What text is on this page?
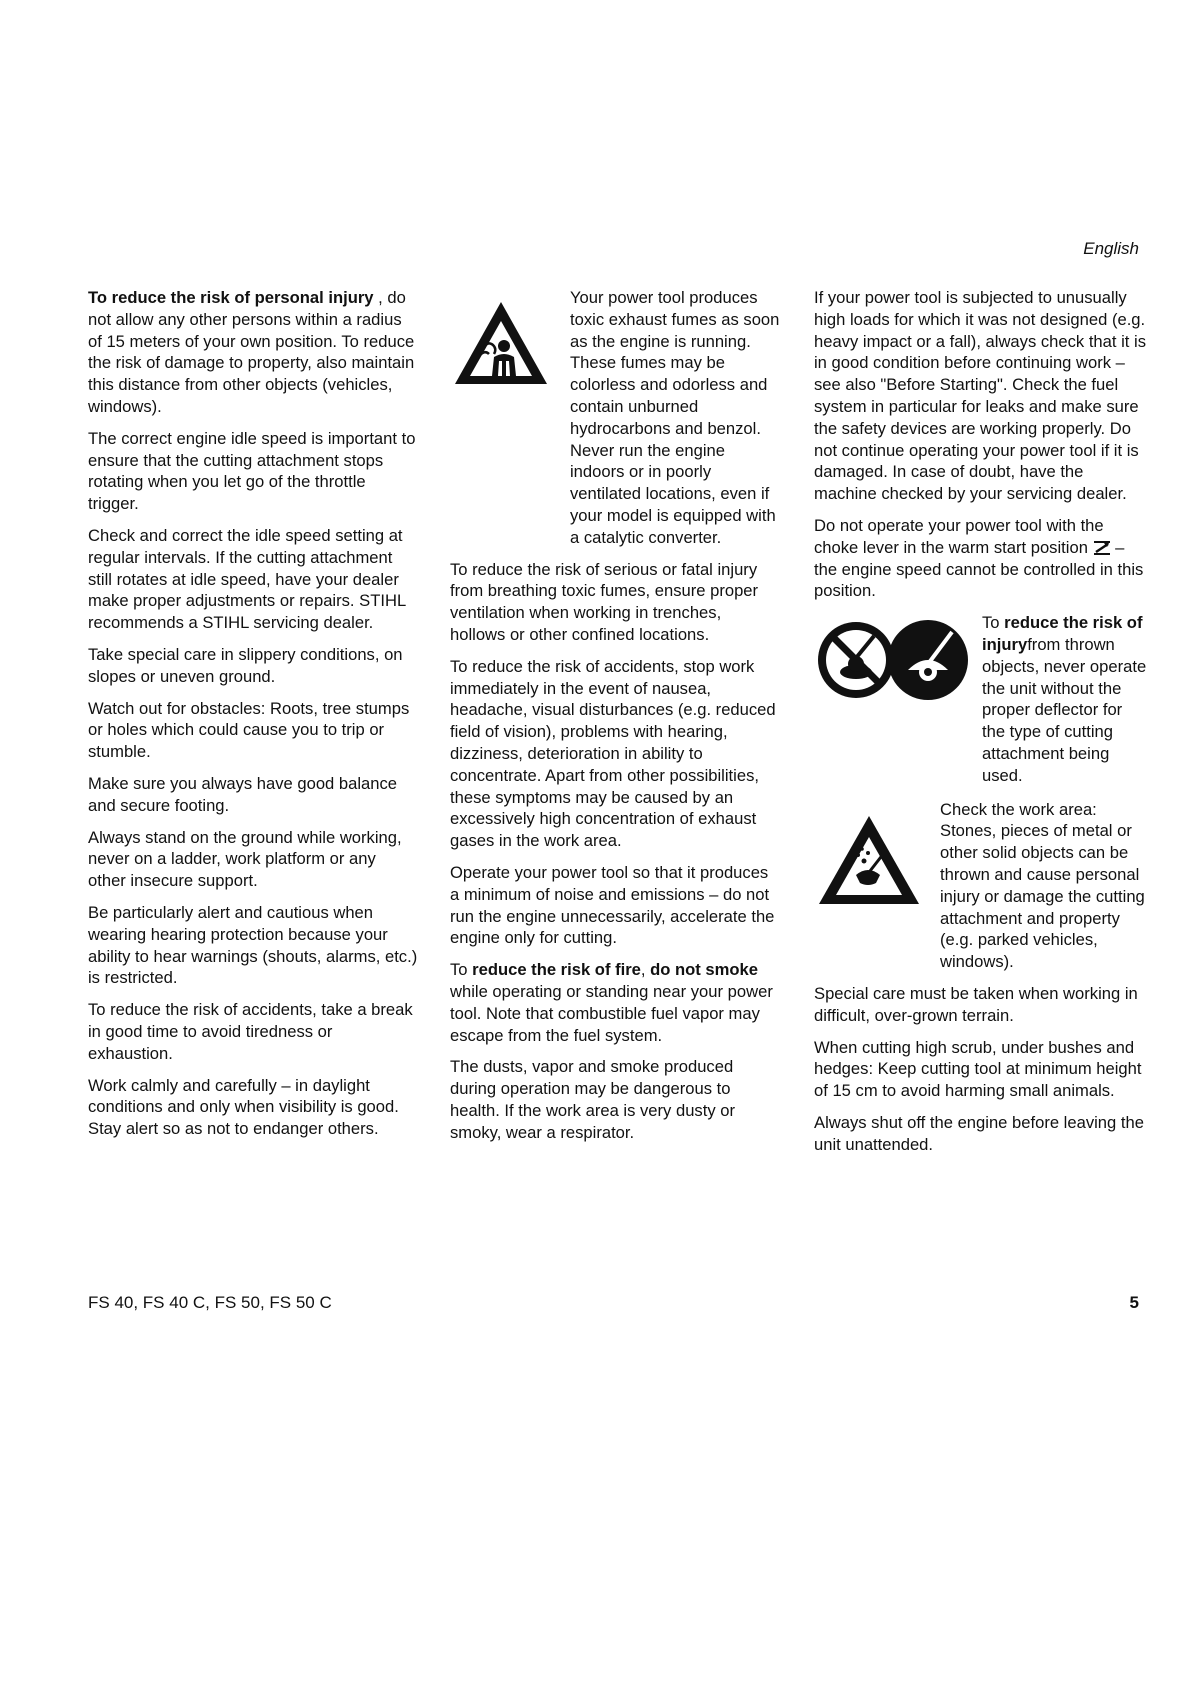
English

To reduce the risk of personal injury , do not allow any other persons within a radius of 15 meters of your own position. To reduce the risk of damage to property, also maintain this distance from other objects (vehicles, windows).

The correct engine idle speed is important to ensure that the cutting attachment stops rotating when you let go of the throttle trigger.

Check and correct the idle speed setting at regular intervals. If the cutting attachment still rotates at idle speed, have your dealer make proper adjustments or repairs. STIHL recommends a STIHL servicing dealer.

Take special care in slippery conditions, on slopes or uneven ground.

Watch out for obstacles: Roots, tree stumps or holes which could cause you to trip or stumble.

Make sure you always have good balance and secure footing.

Always stand on the ground while working, never on a ladder, work platform or any other insecure support.

Be particularly alert and cautious when wearing hearing protection because your ability to hear warnings (shouts, alarms, etc.) is restricted.

To reduce the risk of accidents, take a break in good time to avoid tiredness or exhaustion.

Work calmly and carefully – in daylight conditions and only when visibility is good. Stay alert so as not to endanger others.

Your power tool produces toxic exhaust fumes as soon as the engine is running. These fumes may be colorless and odorless and contain unburned hydrocarbons and benzol. Never run the engine indoors or in poorly ventilated locations, even if your model is equipped with a catalytic converter.

To reduce the risk of serious or fatal injury from breathing toxic fumes, ensure proper ventilation when working in trenches, hollows or other confined locations.

To reduce the risk of accidents, stop work immediately in the event of nausea, headache, visual disturbances (e.g. reduced field of vision), problems with hearing, dizziness, deterioration in ability to concentrate. Apart from other possibilities, these symptoms may be caused by an excessively high concentration of exhaust gases in the work area.

Operate your power tool so that it produces a minimum of noise and emissions – do not run the engine unnecessarily, accelerate the engine only for cutting.

To reduce the risk of fire, do not smoke while operating or standing near your power tool. Note that combustible fuel vapor may escape from the fuel system.

The dusts, vapor and smoke produced during operation may be dangerous to health. If the work area is very dusty or smoky, wear a respirator.

If your power tool is subjected to unusually high loads for which it was not designed (e.g. heavy impact or a fall), always check that it is in good condition before continuing work – see also "Before Starting". Check the fuel system in particular for leaks and make sure the safety devices are working properly. Do not continue operating your power tool if it is damaged. In case of doubt, have the machine checked by your servicing dealer.

Do not operate your power tool with the choke lever in the warm start position  – the engine speed cannot be controlled in this position.

To reduce the risk of injuryfrom thrown objects, never operate the unit without the proper deflector for the type of cutting attachment being used.
Check the work area: Stones, pieces of metal or other solid objects can be thrown and cause personal injury or damage the cutting attachment and property (e.g. parked vehicles, windows).

Special care must be taken when working in difficult, over-grown terrain.

When cutting high scrub, under bushes and hedges: Keep cutting tool at minimum height of 15 cm to avoid harming small animals.

Always shut off the engine before leaving the unit unattended.

FS 40, FS 40 C, FS 50, FS 50 C	5
